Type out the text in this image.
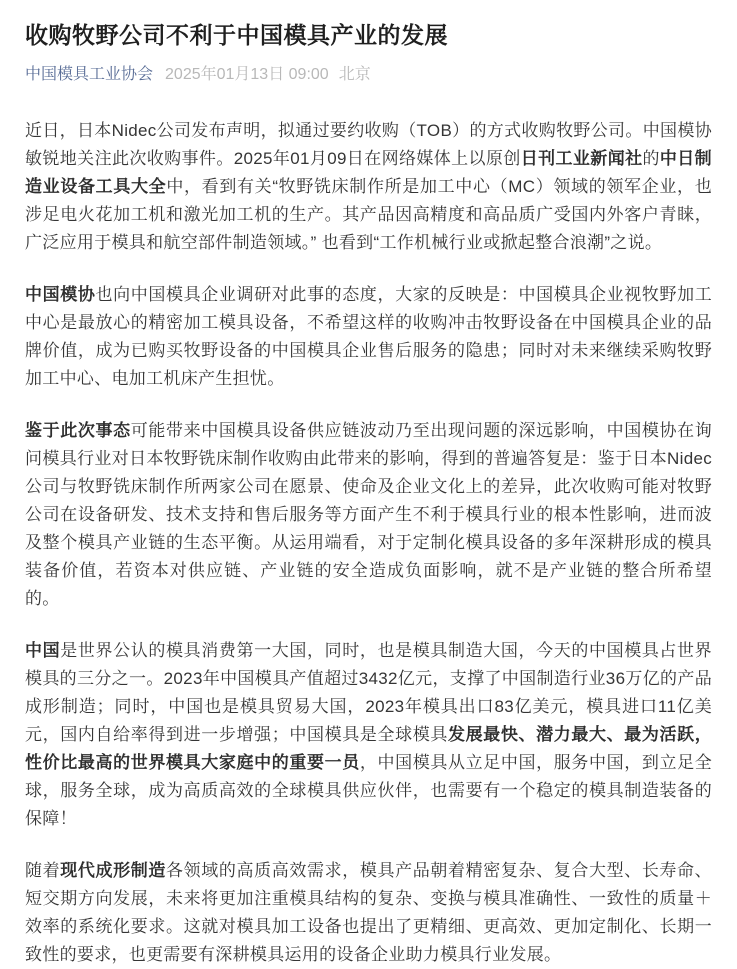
收购牧野公司不利于中国模具产业的发展
中国模具工业协会 2025年01月13日 09:00 北京

近日，日本Nidec公司发布声明，拟通过要约收购（TOB）的方式收购牧野公司。中国模协敏锐地关注此次收购事件。2025年01月09日在网络媒体上以原创日刊工业新闻社的中日制造业设备工具大全中，看到有关“牧野铣床制作所是加工中心（MC）领域的领军企业，也涉足电火花加工机和激光加工机的生产。其产品因高精度和高品质广受国内外客户青睐，广泛应用于模具和航空部件制造领域。” 也看到“工作机械行业或掀起整合浪潮”之说。

中国模协也向中国模具企业调研对此事的态度，大家的反映是：中国模具企业视牧野加工中心是最放心的精密加工模具设备，不希望这样的收购冲击牧野设备在中国模具企业的品牌价值，成为已购买牧野设备的中国模具企业售后服务的隐患；同时对未来继续采购牧野加工中心、电加工机床产生担忧。

鉴于此次事态可能带来中国模具设备供应链波动乃至出现问题的深远影响，中国模协在询问模具行业对日本牧野铣床制作收购由此带来的影响，得到的普遍答复是：鉴于日本Nidec公司与牧野铣床制作所两家公司在愿景、使命及企业文化上的差异，此次收购可能对牧野公司在设备研发、技术支持和售后服务等方面产生不利于模具行业的根本性影响，进而波及整个模具产业链的生态平衡。从运用端看，对于定制化模具设备的多年深耕形成的模具装备价值，若资本对供应链、产业链的安全造成负面影响，就不是产业链的整合所希望的。

中国是世界公认的模具消费第一大国，同时，也是模具制造大国，今天的中国模具占世界模具的三分之一。2023年中国模具产值超过3432亿元，支撑了中国制造行业36万亿的产品成形制造；同时，中国也是模具贸易大国，2023年模具出口83亿美元，模具进口11亿美元，国内自给率得到进一步增强；中国模具是全球模具发展最快、潜力最大、最为活跃，性价比最高的世界模具大家庭中的重要一员，中国模具从立足中国，服务中国，到立足全球，服务全球，成为高质高效的全球模具供应伙伴，也需要有一个稳定的模具制造装备的保障！

随着现代成形制造各领域的高质高效需求，模具产品朝着精密复杂、复合大型、长寿命、短交期方向发展，未来将更加注重模具结构的复杂、变换与模具准确性、一致性的质量＋效率的系统化要求。这就对模具加工设备也提出了更精细、更高效、更加定制化、长期一致性的要求，也更需要有深耕模具运用的设备企业助力模具行业发展。
